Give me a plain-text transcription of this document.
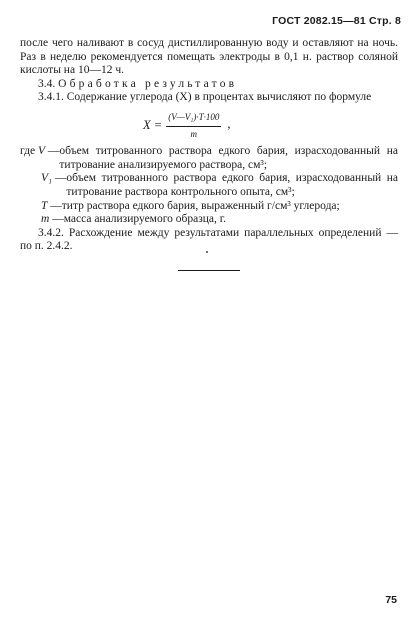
ГОСТ 2082.15—81 Стр. 8

после чего наливают в сосуд дистиллированную воду и оставляют на ночь. Раз в неделю рекомендуется помещать электроды в 0,1 н. раствор соляной кислоты на 10—12 ч.

3.4. Обработка результатов

3.4.1. Содержание углерода (X) в процентах вычисляют по формуле

$X = \frac{\text{(V—V₁)·T·100}}{m}$ ,
где V — объем титрованного раствора едкого бария, израсходованный на титрование анализируемого раствора, см³;
V₁ — объем титрованного раствора едкого бария, израсходованный на титрование раствора контрольного опыта, см³;
T — титр раствора едкого бария, выраженный г/см³ углерода;
m — масса анализируемого образца, г.

3.4.2. Расхождение между результатами параллельных определений — по п. 2.4.2.

75
